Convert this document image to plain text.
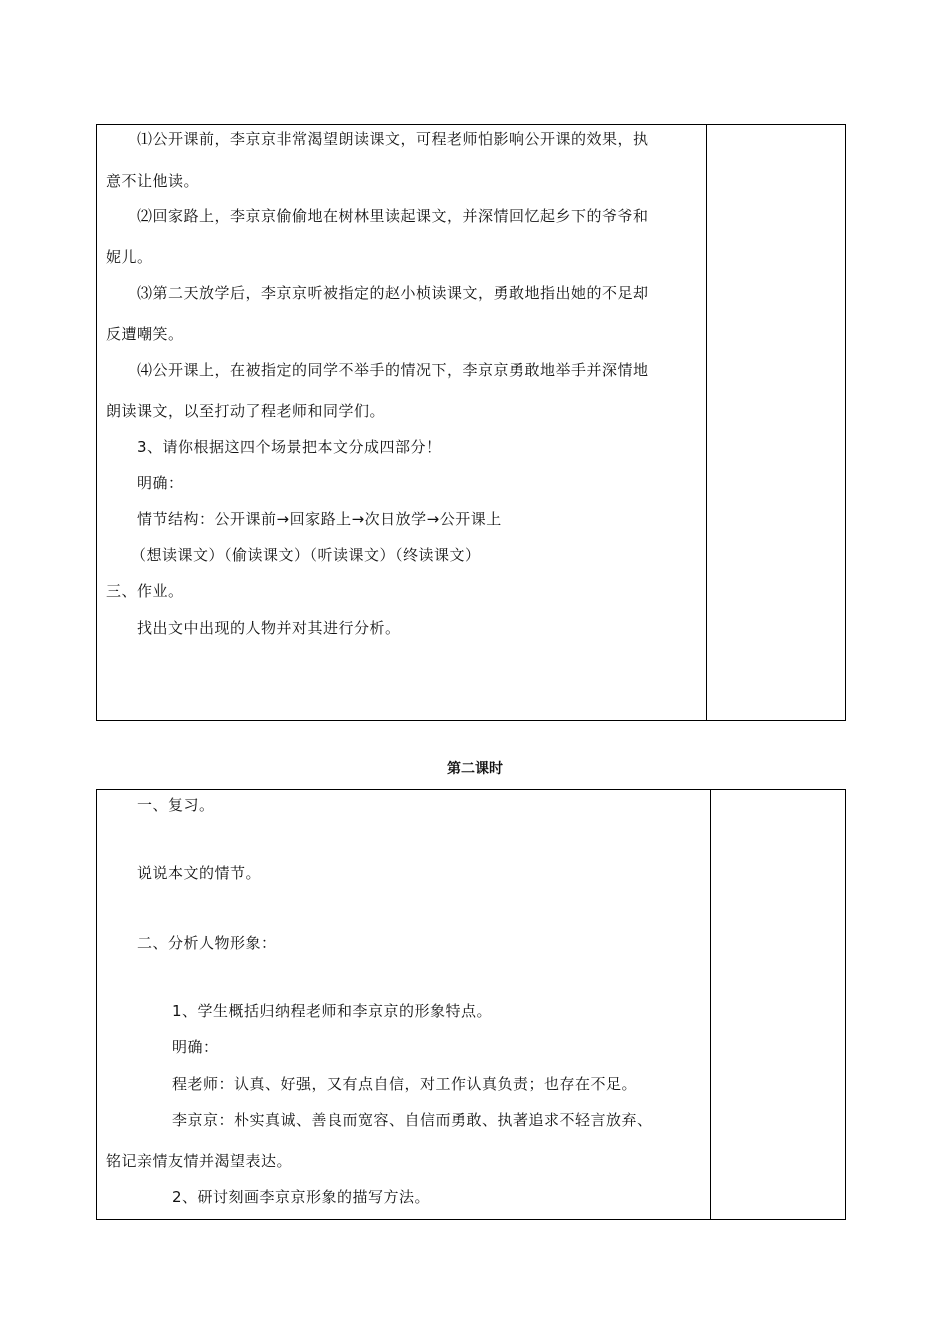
⑴公开课前，李京京非常渴望朗读课文，可程老师怕影响公开课的效果，执
意不让他读。
⑵回家路上，李京京偷偷地在树林里读起课文，并深情回忆起乡下的爷爷和
妮儿。
⑶第二天放学后，李京京听被指定的赵小桢读课文，勇敢地指出她的不足却
反遭嘲笑。
⑷公开课上，在被指定的同学不举手的情况下，李京京勇敢地举手并深情地
朗读课文，以至打动了程老师和同学们。
3、请你根据这四个场景把本文分成四部分！
明确：
情节结构：公开课前→回家路上→次日放学→公开课上
（想读课文）（偷读课文）（听读课文）（终读课文）
三、作业。
找出文中出现的人物并对其进行分析。
第二课时
一、复习。
说说本文的情节。
二、分析人物形象：
1、学生概括归纳程老师和李京京的形象特点。
明确：
程老师：认真、好强，又有点自信，对工作认真负责；也存在不足。
李京京：朴实真诚、善良而宽容、自信而勇敢、执著追求不轻言放弃、
铭记亲情友情并渴望表达。
2、研讨刻画李京京形象的描写方法。
